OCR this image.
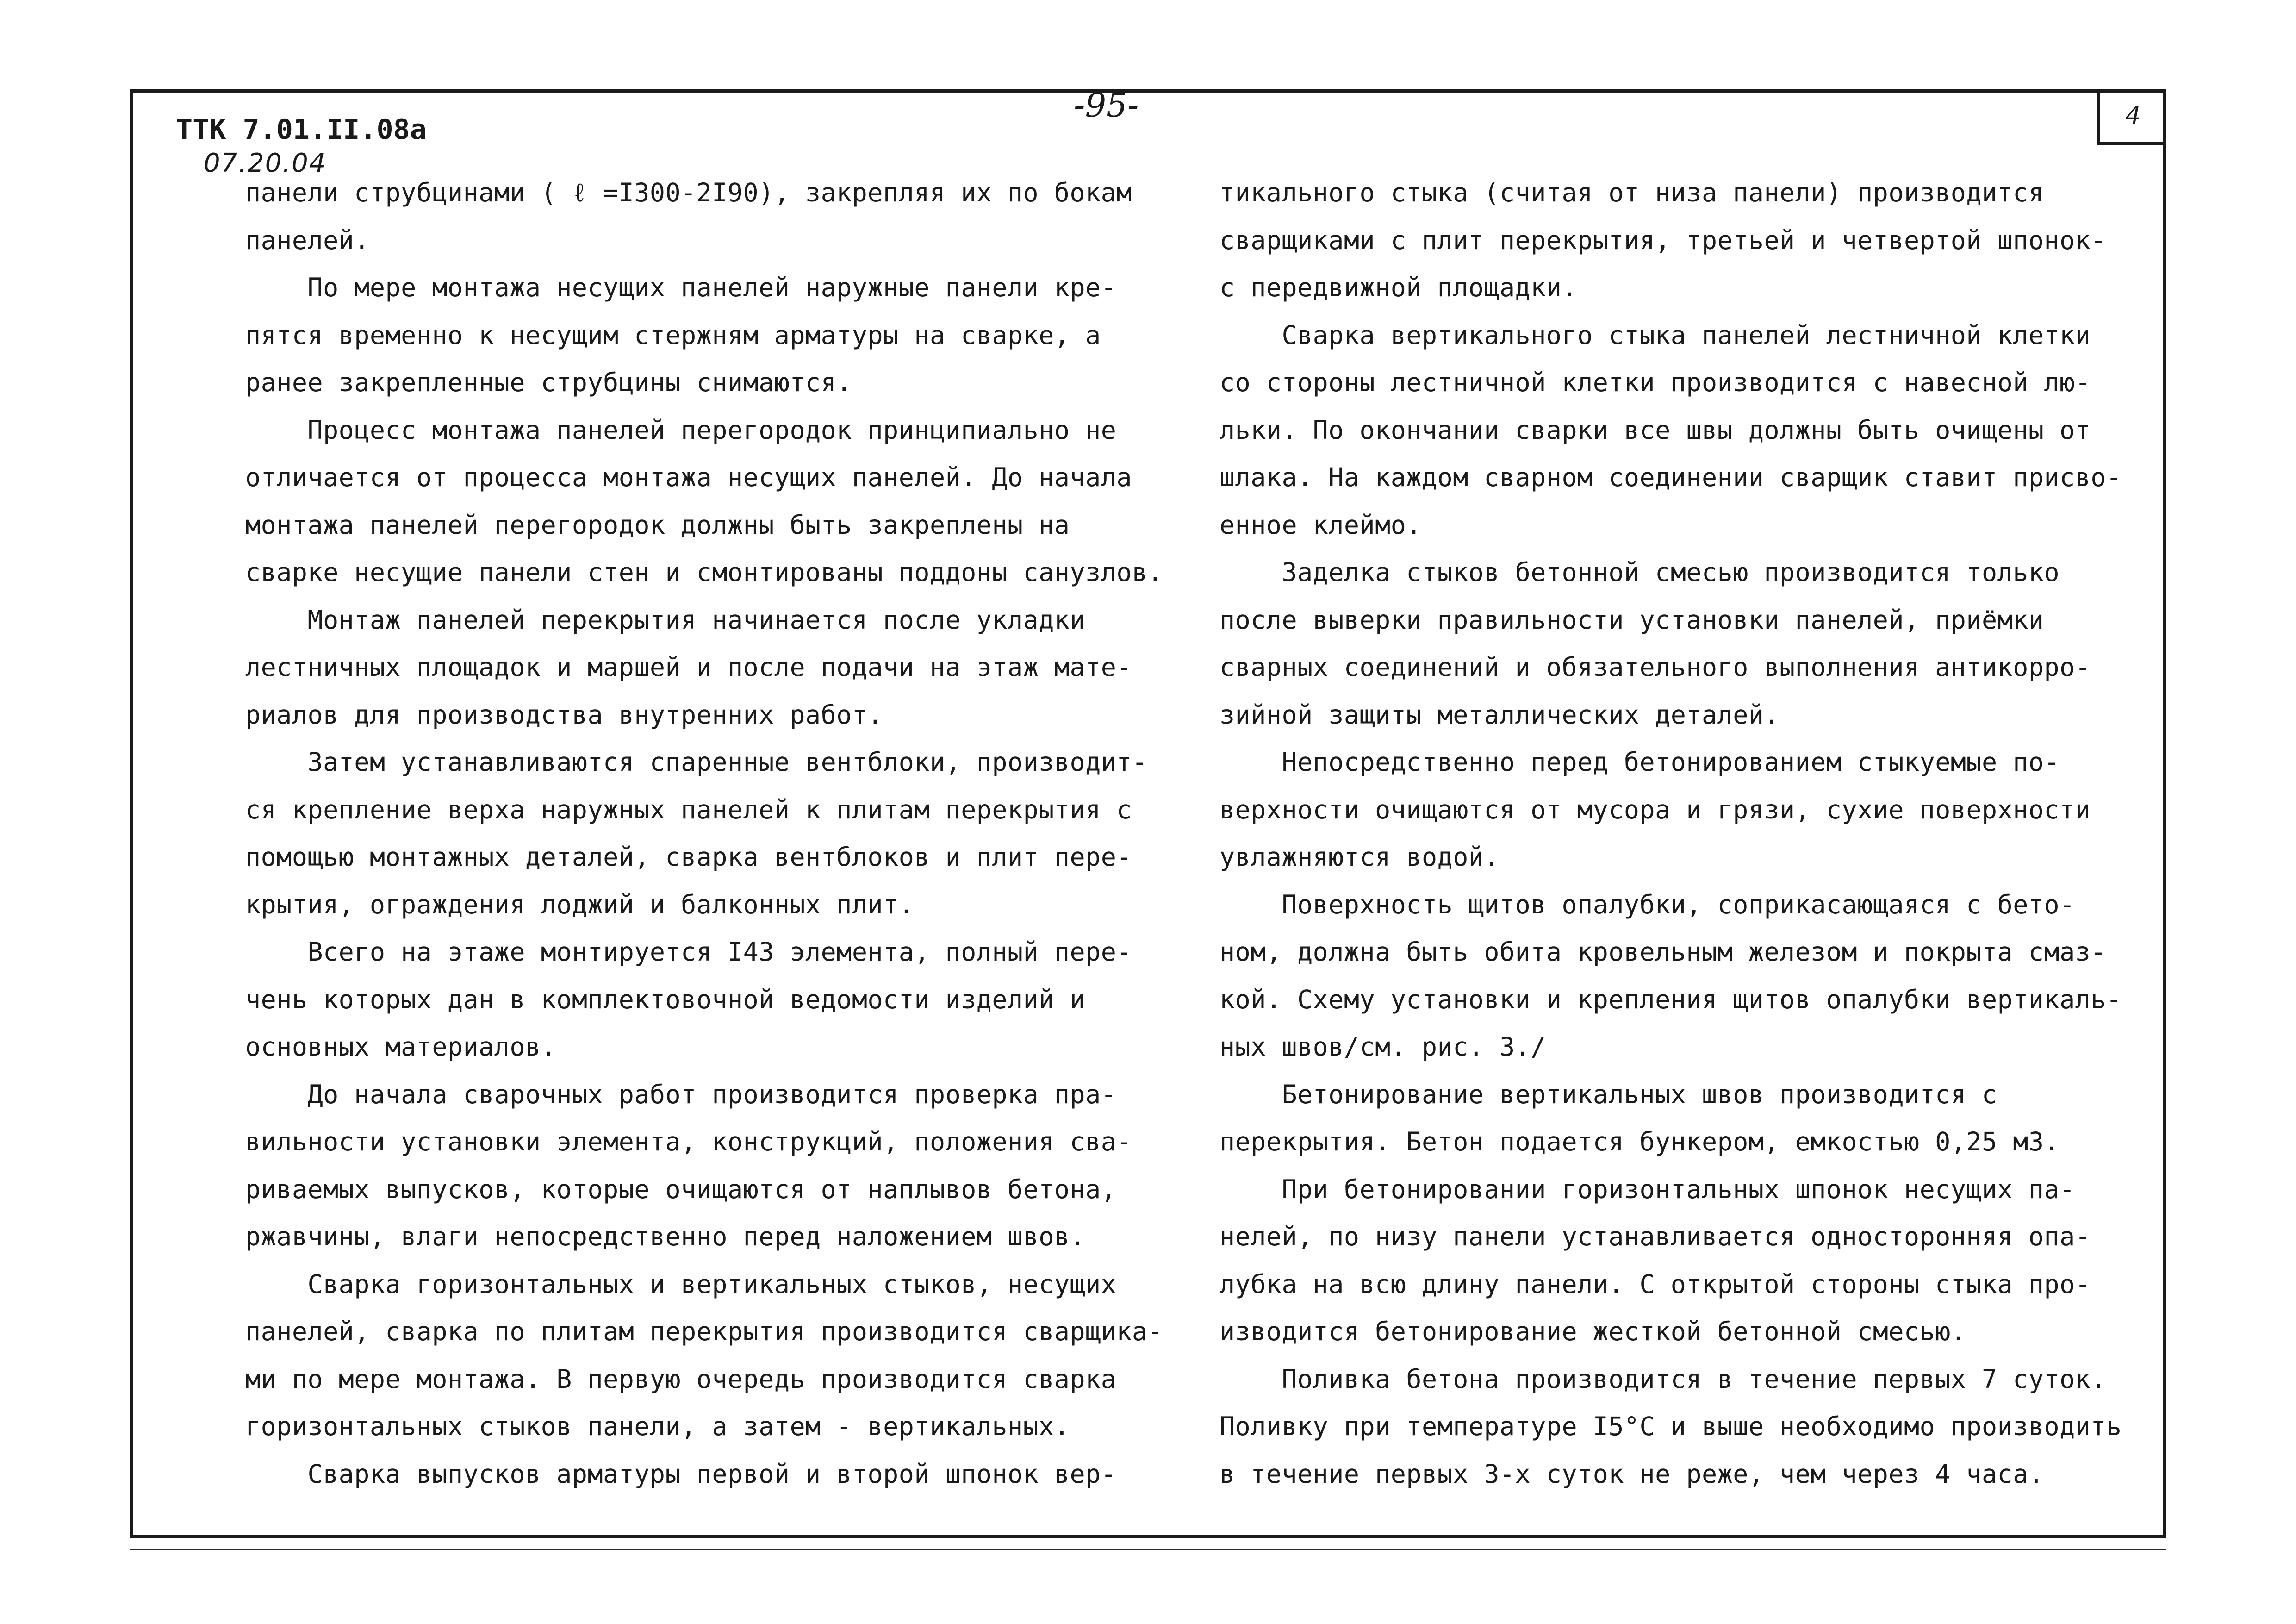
4
-95-
ТТК 7.01.II.08а
07.20.04
панели струбцинами ( ℓ =I300-2I90), закрепляя их по бокам
панелей.
По мере монтажа несущих панелей наружные панели кре-
пятся временно к несущим стержням арматуры на сварке, а
ранее закрепленные струбцины снимаются.
Процесс монтажа панелей перегородок принципиально не
отличается от процесса монтажа несущих панелей. До начала
монтажа панелей перегородок должны быть закреплены на
сварке несущие панели стен и смонтированы поддоны санузлов.
Монтаж панелей перекрытия начинается после укладки
лестничных площадок и маршей и после подачи на этаж мате-
риалов для производства внутренних работ.
Затем устанавливаются спаренные вентблоки, производит-
ся крепление верха наружных панелей к плитам перекрытия с
помощью монтажных деталей, сварка вентблоков и плит пере-
крытия, ограждения лоджий и балконных плит.
Всего на этаже монтируется I43 элемента, полный пере-
чень которых дан в комплектовочной ведомости изделий и
основных материалов.
До начала сварочных работ производится проверка пра-
вильности установки элемента, конструкций, положения сва-
риваемых выпусков, которые очищаются от наплывов бетона,
ржавчины, влаги непосредственно перед наложением швов.
Сварка горизонтальных и вертикальных стыков, несущих
панелей, сварка по плитам перекрытия производится сварщика-
ми по мере монтажа. В первую очередь производится сварка
горизонтальных стыков панели, а затем - вертикальных.
Сварка выпусков арматуры первой и второй шпонок вер-
тикального стыка (считая от низа панели) производится
сварщиками с плит перекрытия, третьей и четвертой шпонок-
с передвижной площадки.
Сварка вертикального стыка панелей лестничной клетки
со стороны лестничной клетки производится с навесной лю-
льки. По окончании сварки все швы должны быть очищены от
шлака. На каждом сварном соединении сварщик ставит присво-
енное клеймо.
Заделка стыков бетонной смесью производится только
после выверки правильности установки панелей, приёмки
сварных соединений и обязательного выполнения антикорро-
зийной защиты металлических деталей.
Непосредственно перед бетонированием стыкуемые по-
верхности очищаются от мусора и грязи, сухие поверхности
увлажняются водой.
Поверхность щитов опалубки, соприкасающаяся с бето-
ном, должна быть обита кровельным железом и покрыта смаз-
кой. Схему установки и крепления щитов опалубки вертикаль-
ных швов/см. рис. 3./
Бетонирование вертикальных швов производится с
перекрытия. Бетон подается бункером, емкостью 0,25 м3.
При бетонировании горизонтальных шпонок несущих па-
нелей, по низу панели устанавливается односторонняя опа-
лубка на всю длину панели. С открытой стороны стыка про-
изводится бетонирование жесткой бетонной смесью.
Поливка бетона производится в течение первых 7 суток.
Поливку при температуре I5°С и выше необходимо производить
в течение первых 3-х суток не реже, чем через 4 часа.
